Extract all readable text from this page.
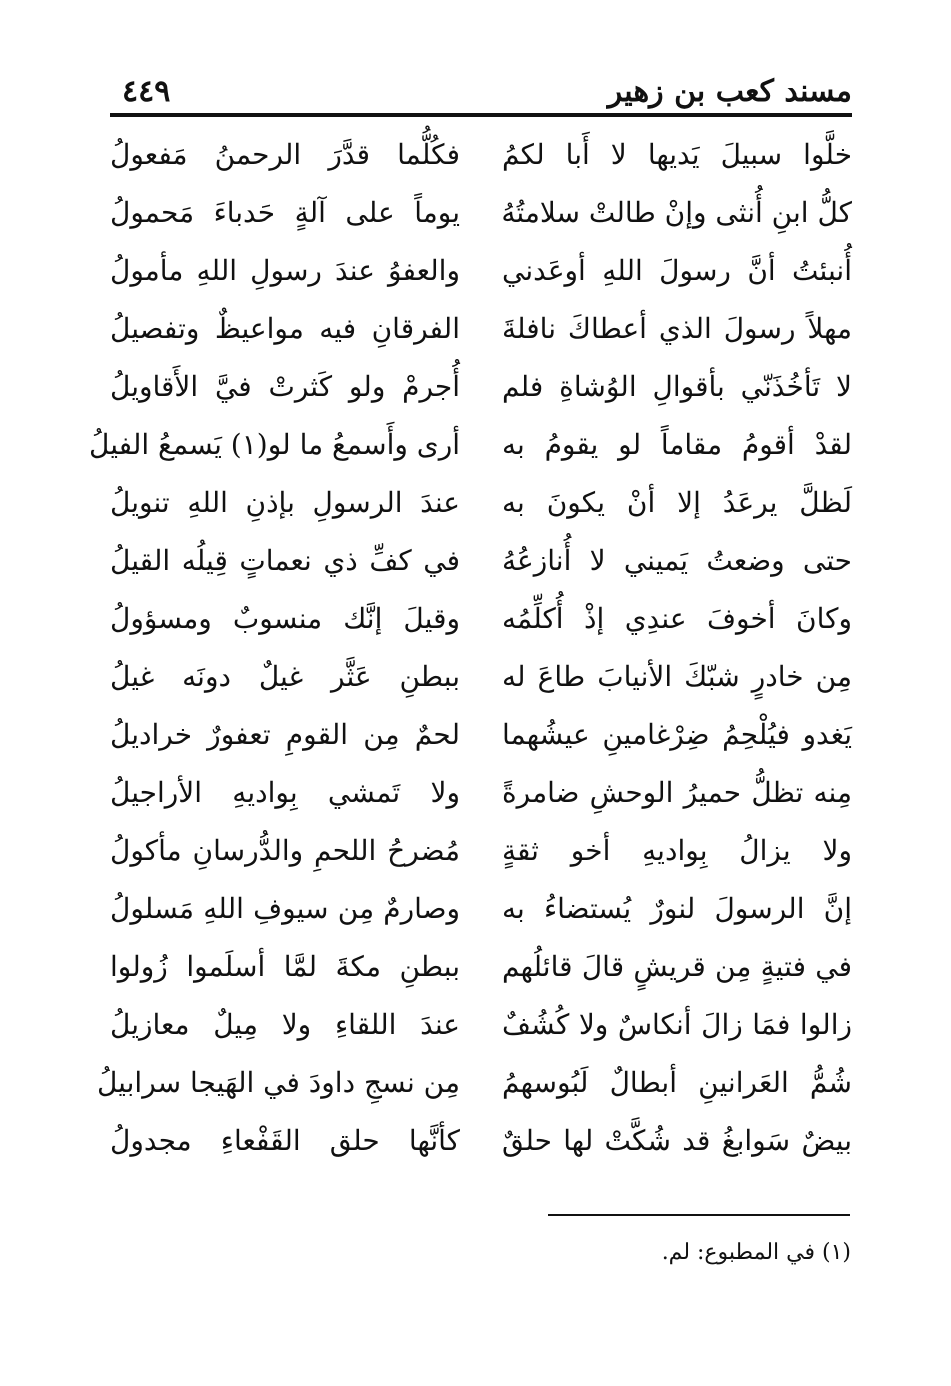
مسند كعب بن زهير
٤٤٩
خلَّوا سبيلَ يَديها لا أَبا لكمُ
فكُلُّما قدَّرَ الرحمنُ مَفعولُ
كلُّ ابنِ أُنثى وإنْ طالتْ سلامتُهُ
يوماً على آلةٍ حَدباءَ مَحمولُ
أُنبئتُ أنَّ رسولَ اللهِ أوعَدني
والعفوُ عندَ رسولِ اللهِ مأمولُ
مهلاً رسولَ الذي أعطاكَ نافلةَ
الفرقانِ فيه مواعيظٌ وتفصيلُ
لا تَأخُذَنّي بأقوالِ الوُشاةِ فلم
أُجرمْ ولو كَثرتْ فيَّ الأَقاويلُ
لقدْ أقومُ مقاماً لو يقومُ به
أرى وأَسمعُ ما لو(١) يَسمعُ الفيلُ
لَظلَّ يرعَدُ إلا أنْ يكونَ به
عندَ الرسولِ بإذنِ اللهِ تنويلُ
حتى وضعتُ يَميني لا أُنازعُهُ
في كفِّ ذي نعماتٍ قِيلُه القيلُ
وكانَ أخوفَ عندِي إذْ أُكلِّمُه
وقيلَ إنَّك منسوبٌ ومسؤولُ
مِن خادرٍ شبّكَ الأنيابَ طاعَ له
ببطنِ عَثَّر غيلٌ دونَه غيلُ
يَغدو فيُلْحِمُ ضِرْغامينِ عيشُهما
لحمٌ مِن القومِ تعفورٌ خراديلُ
مِنه تظلُّ حميرُ الوحشِ ضامرةً
ولا تَمشي بِواديهِ الأراجيلُ
ولا يزالُ بِواديهِ أخو ثقةٍ
مُضرحُ اللحمِ والدُّرسانِ مأكولُ
إنَّ الرسولَ لنورٌ يُستضاءُ به
وصارمٌ مِن سيوفِ اللهِ مَسلولُ
في فتيةٍ مِن قريشٍ قالَ قائلُهم
ببطنِ مكةَ لمَّا أسلَموا زُولوا
زالوا فمَا زالَ أنكاسٌ ولا كُشُفٌ
عندَ اللقاءِ ولا مِيلٌ معازيلُ
شُمُّ العَرانينِ أبطالٌ لَبُوسهمُ
مِن نسجِ داودَ في الهَيجا سرابيلُ
بيضٌ سَوابغُ قد شُكَّتْ لها حلقٌ
كأنَّها حلق القَفْعاءِ مجدولُ
(١) في المطبوع: لم.
